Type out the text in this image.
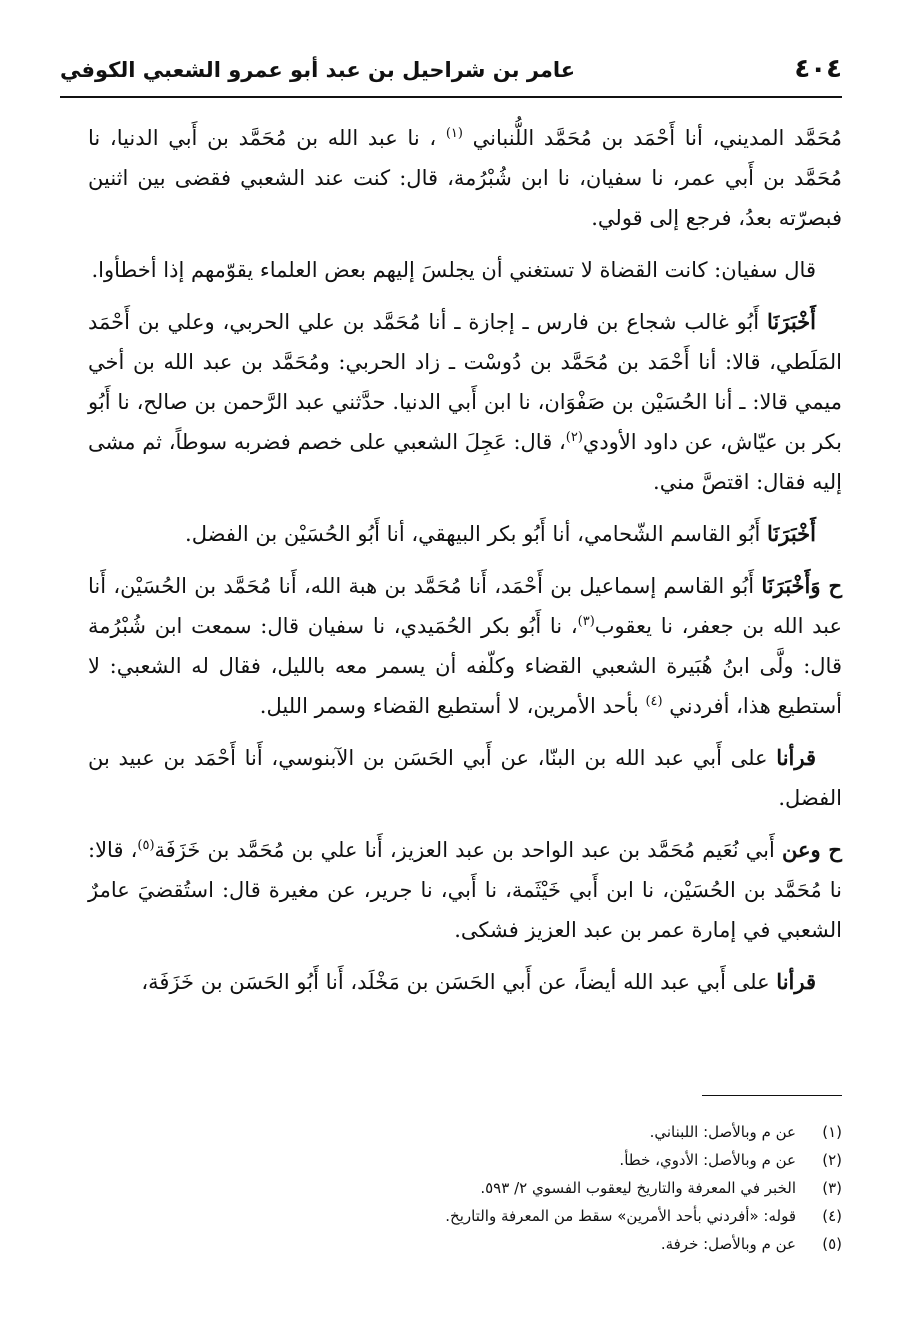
٤٠٤
عامر بن شراحيل بن عبد أبو عمرو الشعبي الكوفي

مُحَمَّد المديني، أنا أَحْمَد بن مُحَمَّد اللُّنباني $^{(١)}$ ، نا عبد الله بن مُحَمَّد بن أَبي الدنيا، نا مُحَمَّد بن أَبي عمر، نا سفيان، نا ابن شُبْرُمة، قال: كنت عند الشعبي فقضى بين اثنين فبصرّته بعدُ، فرجع إلى قولي.

قال سفيان: كانت القضاة لا تستغني أن يجلسَ إليهم بعض العلماء يقوّمهم إذا أخطأوا.

أَخْبَرَنَا أَبُو غالب شجاع بن فارس ـ إجازة ـ أنا مُحَمَّد بن علي الحربي، وعلي بن أَحْمَد المَلَطي، قالا: أنا أَحْمَد بن مُحَمَّد بن دُوسْت ـ زاد الحربي: ومُحَمَّد بن عبد الله بن أخي ميمي قالا: ـ أنا الحُسَيْن بن صَفْوَان، نا ابن أَبي الدنيا. حدَّثني عبد الرَّحمن بن صالح، نا أَبُو بكر بن عيّاش، عن داود الأودي$^{(٢)}$، قال: عَجِلَ الشعبي على خصم فضربه سوطاً، ثم مشى إليه فقال: اقتصَّ مني.

أَخْبَرَنَا أَبُو القاسم الشّحامي، أنا أَبُو بكر البيهقي، أنا أَبُو الحُسَيْن بن الفضل.

ح وَأَخْبَرَنَا أَبُو القاسم إسماعيل بن أَحْمَد، أَنا مُحَمَّد بن هبة الله، أَنا مُحَمَّد بن الحُسَيْن، أَنا عبد الله بن جعفر، نا يعقوب$^{(٣)}$، نا أَبُو بكر الحُمَيدي، نا سفيان قال: سمعت ابن شُبْرُمة قال: ولَّى ابنُ هُبَيرة الشعبي القضاء وكلّفه أن يسمر معه بالليل، فقال له الشعبي: لا أستطيع هذا، أفردني $^{(٤)}$ بأحد الأمرين، لا أستطيع القضاء وسمر الليل.

قرأنا على أَبي عبد الله بن البنّا، عن أَبي الحَسَن بن الآبنوسي، أَنا أَحْمَد بن عبيد بن الفضل.

ح وعن أَبي نُعَيم مُحَمَّد بن عبد الواحد بن عبد العزيز، أَنا علي بن مُحَمَّد بن خَزَفَة$^{(٥)}$، قالا: نا مُحَمَّد بن الحُسَيْن، نا ابن أَبي خَيْثَمة، نا أَبي، نا جرير، عن مغيرة قال: استُقضيَ عامرٌ الشعبي في إمارة عمر بن عبد العزيز فشكى.

قرأنا على أَبي عبد الله أيضاً، عن أَبي الحَسَن بن مَخْلَد، أَنا أَبُو الحَسَن بن خَزَفَة،

(١)
عن م وبالأصل: اللبناني.
(٢)
عن م وبالأصل: الأدوي، خطأ.
(٣)
الخبر في المعرفة والتاريخ ليعقوب الفسوي ٢/ ٥٩٣.
(٤)
قوله: «أفردني بأحد الأمرين» سقط من المعرفة والتاريخ.
(٥)
عن م وبالأصل: خرفة.
